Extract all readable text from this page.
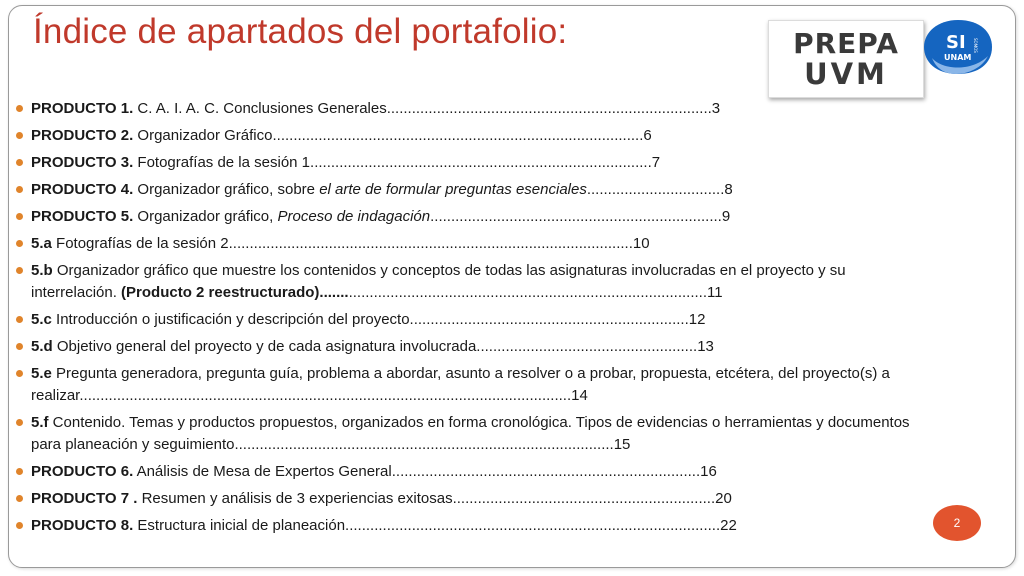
Índice de apartados del portafolio:	PREPA
UVM
SI SOMOS
UNAM
PRODUCTO 1. C. A. I. A. C. Conclusiones Generales..............................................................................3
PRODUCTO 2. Organizador Gráfico.........................................................................................6
PRODUCTO 3. Fotografías de la sesión 1..................................................................................7
PRODUCTO 4. Organizador gráfico, sobre el arte de formular preguntas esenciales.................................8
PRODUCTO 5. Organizador gráfico, Proceso de indagación......................................................................9
5.a Fotografías de la sesión 2.................................................................................................10
5.b Organizador gráfico que muestre los contenidos y conceptos de todas las asignaturas involucradas en el proyecto y su interrelación. (Producto 2 reestructurado).............................................................................................11
5.c Introducción o justificación y descripción del proyecto...................................................................12
5.d Objetivo general del proyecto y de cada asignatura involucrada.....................................................13
5.e Pregunta generadora, pregunta guía, problema a abordar, asunto a resolver o a probar, propuesta, etcétera, del proyecto(s) a realizar......................................................................................................................14
5.f Contenido. Temas y productos propuestos, organizados en forma cronológica. Tipos de evidencias o herramientas y documentos para planeación y seguimiento...........................................................................................15
PRODUCTO 6. Análisis de Mesa de Expertos General..........................................................................16
PRODUCTO 7 . Resumen y análisis de 3 experiencias exitosas...............................................................20
PRODUCTO 8. Estructura inicial de planeación..........................................................................................22	2
